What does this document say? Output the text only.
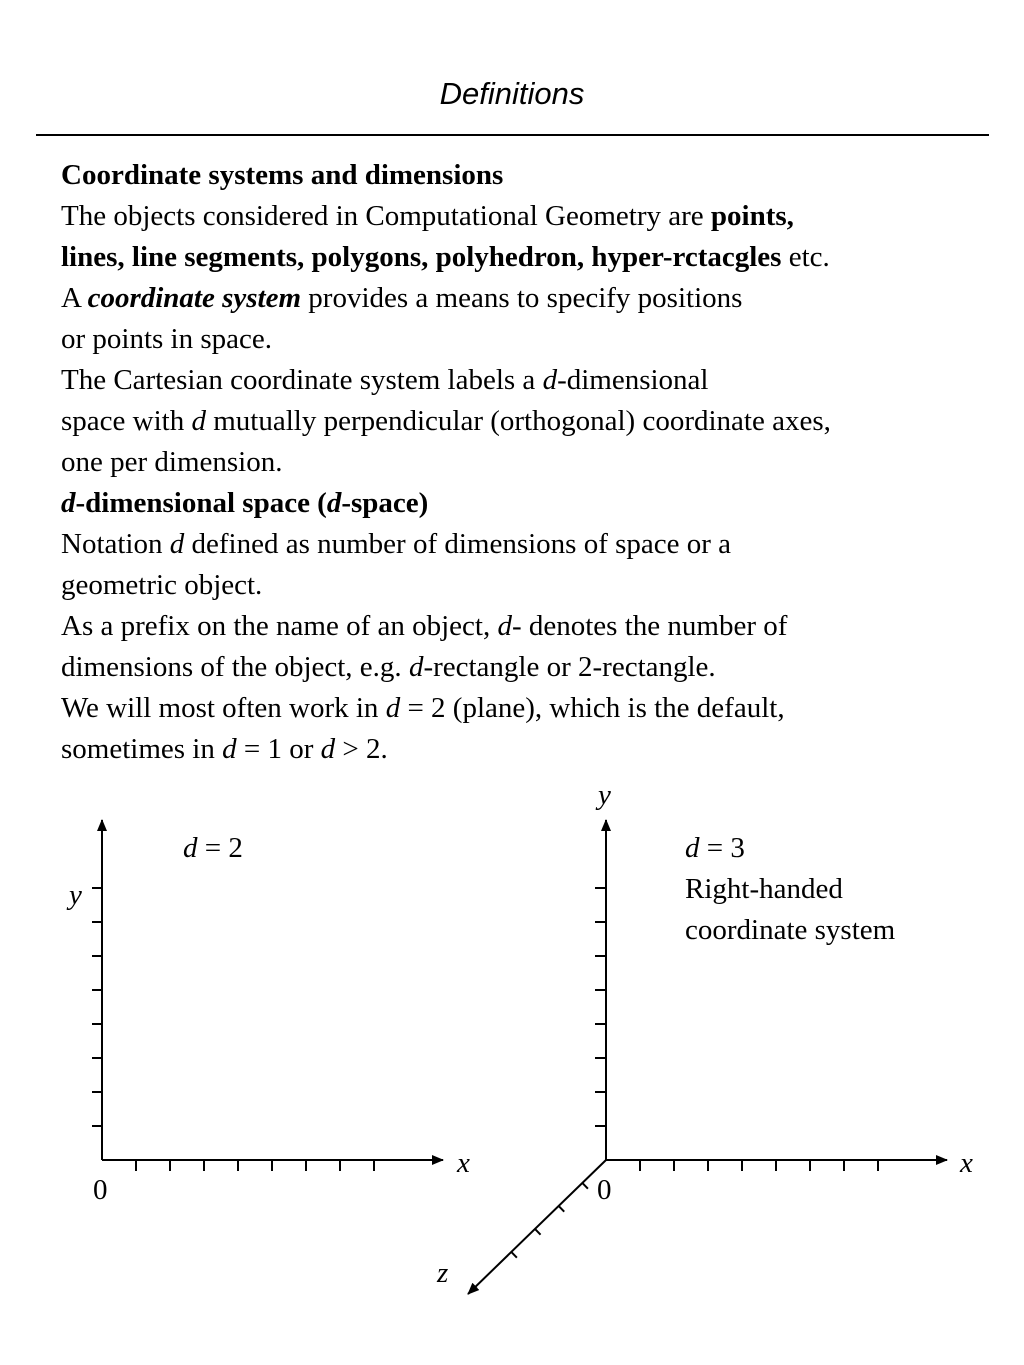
Definitions
Coordinate systems and dimensions
The objects considered in Computational Geometry are points,
lines, line segments, polygons, polyhedron, hyper-rctacgles etc.
A coordinate system provides a means to specify positions
or points in space.
The Cartesian coordinate system labels a d-dimensional
space with d mutually perpendicular (orthogonal) coordinate axes,
one per dimension.
d-dimensional space (d-space)
Notation d defined as number of dimensions of space or a
geometric object.
As a prefix on the name of an object, d- denotes the number of
dimensions of the object, e.g. d-rectangle or 2-rectangle.
We will most often work in d = 2 (plane), which is the default,
sometimes in d = 1 or d > 2.
x
y
0
x
y
z
0
d = 2	d = 3
Right-handed
coordinate system
